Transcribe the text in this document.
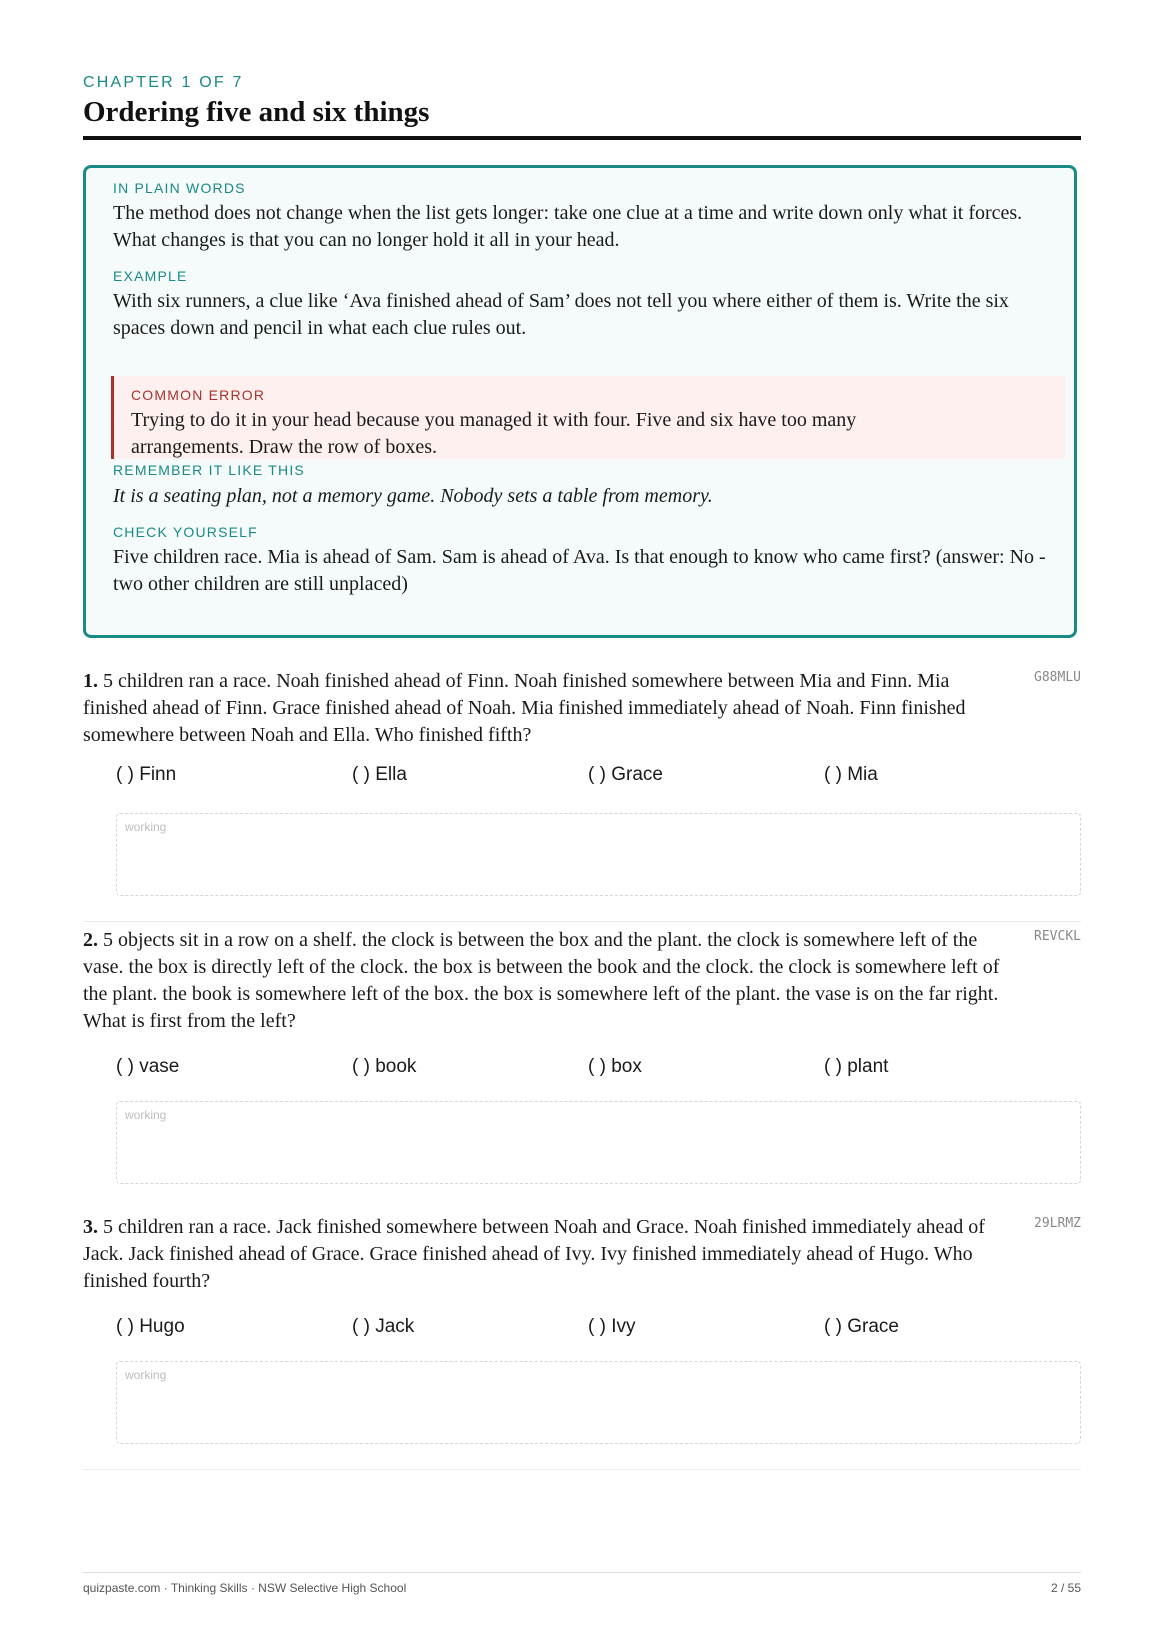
CHAPTER 1 OF 7
Ordering five and six things
IN PLAIN WORDS
The method does not change when the list gets longer: take one clue at a time and write down only what it forces. What changes is that you can no longer hold it all in your head.
EXAMPLE
With six runners, a clue like ‘Ava finished ahead of Sam’ does not tell you where either of them is. Write the six spaces down and pencil in what each clue rules out.
COMMON ERROR
Trying to do it in your head because you managed it with four. Five and six have too many arrangements. Draw the row of boxes.
REMEMBER IT LIKE THIS
It is a seating plan, not a memory game. Nobody sets a table from memory.
CHECK YOURSELF
Five children race. Mia is ahead of Sam. Sam is ahead of Ava. Is that enough to know who came first? (answer: No - two other children are still unplaced)
1. 5 children ran a race. Noah finished ahead of Finn. Noah finished somewhere between Mia and Finn. Mia finished ahead of Finn. Grace finished ahead of Noah. Mia finished immediately ahead of Noah. Finn finished somewhere between Noah and Ella. Who finished fifth?
G88MLU
( ) Finn	( ) Ella	( ) Grace	( ) Mia
working
2. 5 objects sit in a row on a shelf. the clock is between the box and the plant. the clock is somewhere left of the vase. the box is directly left of the clock. the box is between the book and the clock. the clock is somewhere left of the plant. the book is somewhere left of the box. the box is somewhere left of the plant. the vase is on the far right. What is first from the left?
REVCKL
( ) vase	( ) book	( ) box	( ) plant
working
3. 5 children ran a race. Jack finished somewhere between Noah and Grace. Noah finished immediately ahead of Jack. Jack finished ahead of Grace. Grace finished ahead of Ivy. Ivy finished immediately ahead of Hugo. Who finished fourth?
29LRMZ
( ) Hugo	( ) Jack	( ) Ivy	( ) Grace
working
quizpaste.com · Thinking Skills · NSW Selective High School	2 / 55
